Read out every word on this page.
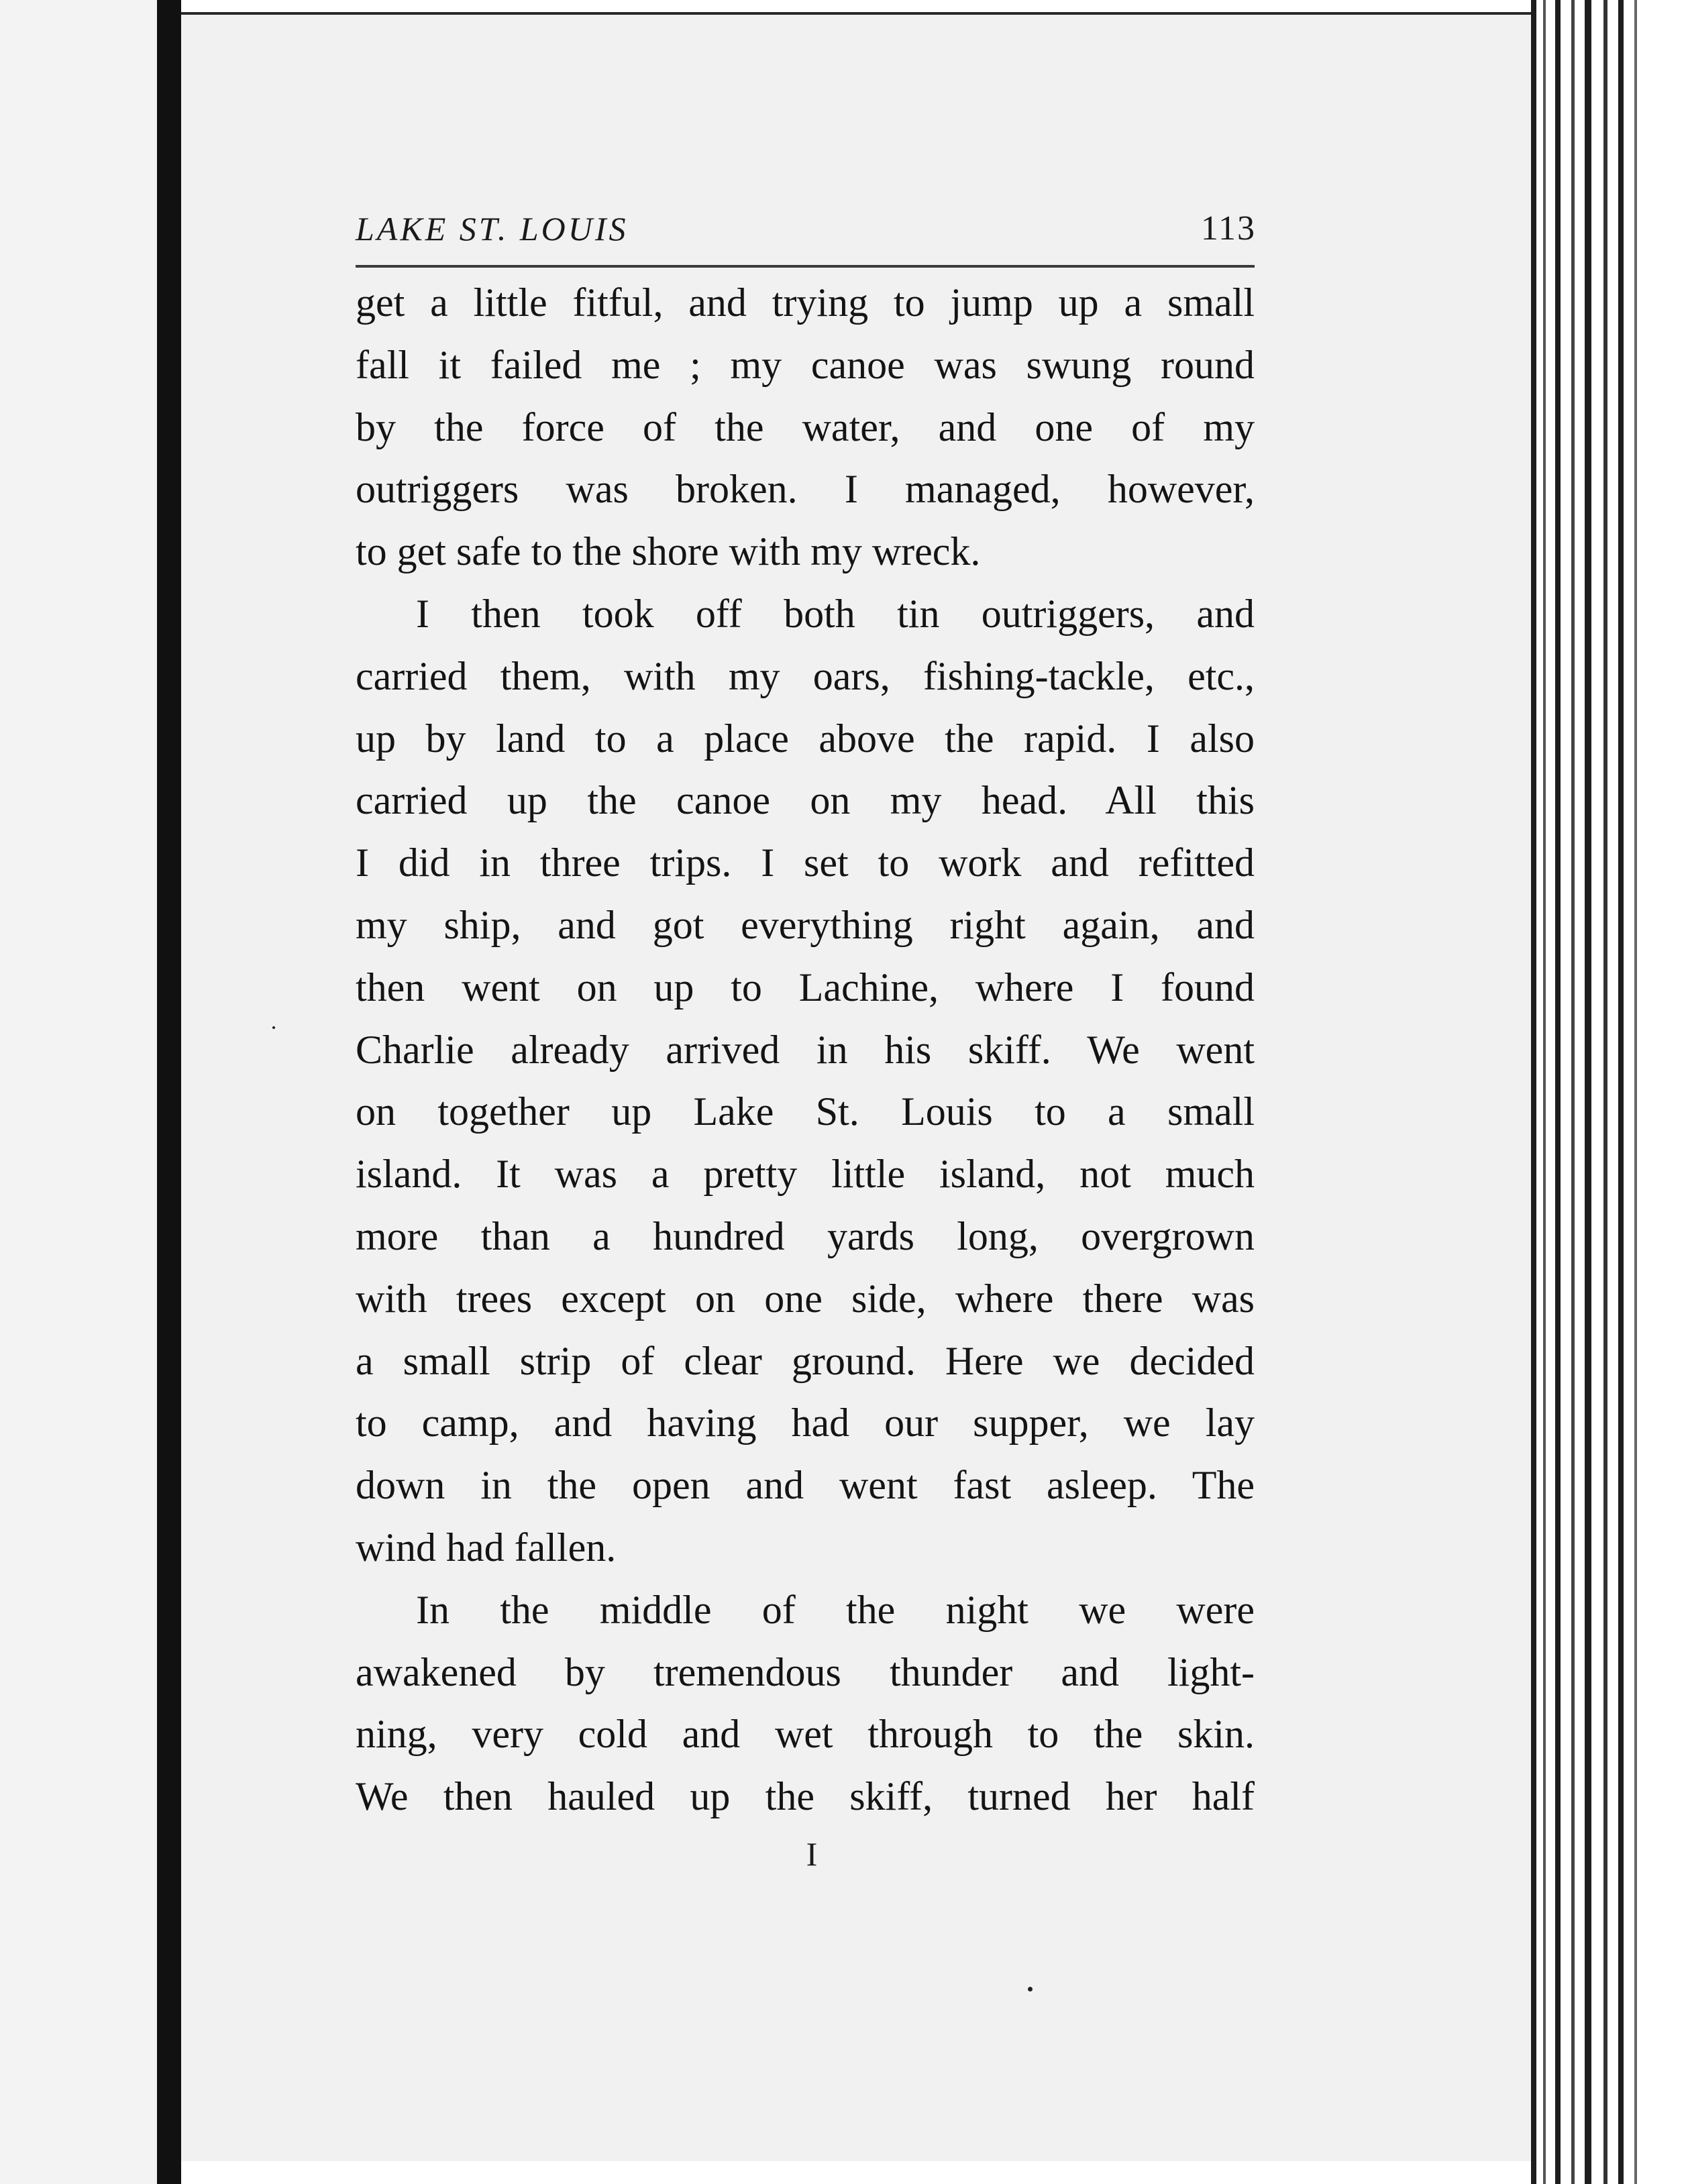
LAKE ST. LOUIS	113
get a little fitful, and trying to jump up a small
fall it failed me ; my canoe was swung round
by the force of the water, and one of my
outriggers was broken. I managed, however,
to get safe to the shore with my wreck.
I then took off both tin outriggers, and
carried them, with my oars, fishing-tackle, etc.,
up by land to a place above the rapid. I also
carried up the canoe on my head. All this
I did in three trips. I set to work and refitted
my ship, and got everything right again, and
then went on up to Lachine, where I found
Charlie already arrived in his skiff. We went
on together up Lake St. Louis to a small
island. It was a pretty little island, not much
more than a hundred yards long, overgrown
with trees except on one side, where there was
a small strip of clear ground. Here we decided
to camp, and having had our supper, we lay
down in the open and went fast asleep. The
wind had fallen.
In the middle of the night we were
awakened by tremendous thunder and light-
ning, very cold and wet through to the skin.
We then hauled up the skiff, turned her half
I
